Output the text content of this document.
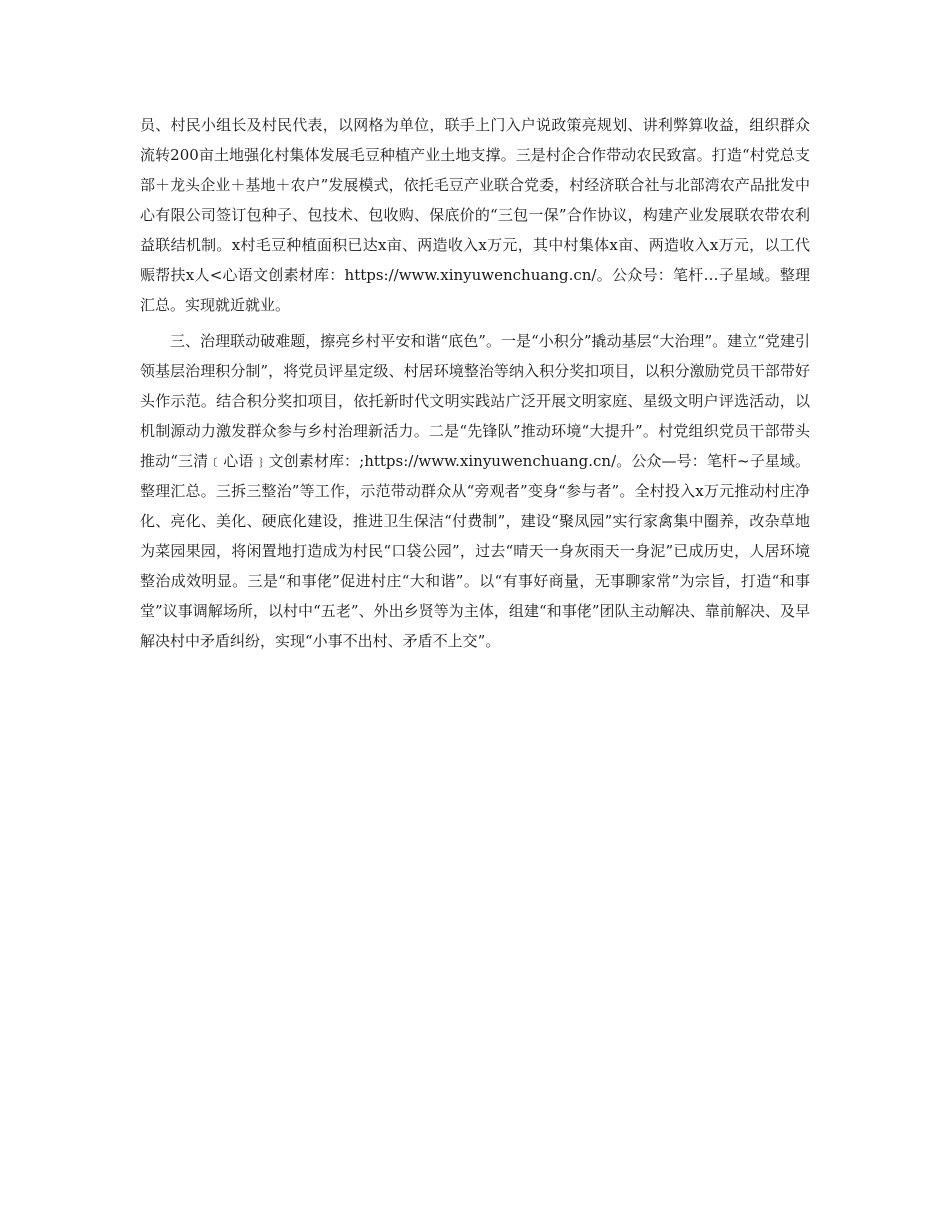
员、村民小组长及村民代表，以网格为单位，联手上门入户说政策亮规划、讲利弊算收益，组织群众流转200亩土地强化村集体发展毛豆种植产业土地支撑。三是村企合作带动农民致富。打造“村党总支部＋龙头企业＋基地＋农户”发展模式，依托毛豆产业联合党委，村经济联合社与北部湾农产品批发中心有限公司签订包种子、包技术、包收购、保底价的“三包一保”合作协议，构建产业发展联农带农利益联结机制。x村毛豆种植面积已达x亩、两造收入x万元，其中村集体x亩、两造收入x万元，以工代赈帮扶x人<心语文创素材库：https://www.xinyuwenchuang.cn/。公众号：笔杆…子星域。整理汇总。实现就近就业。

三、治理联动破难题，擦亮乡村平安和谐“底色”。一是“小积分”撬动基层“大治理”。建立“党建引领基层治理积分制”，将党员评星定级、村居环境整治等纳入积分奖扣项目，以积分激励党员干部带好头作示范。结合积分奖扣项目，依托新时代文明实践站广泛开展文明家庭、星级文明户评选活动，以机制源动力激发群众参与乡村治理新活力。二是“先锋队”推动环境“大提升”。村党组织党员干部带头推动“三清﹝心语﹜文创素材库：;https://www.xinyuwenchuang.cn/。公众—号：笔杆~子星域。整理汇总。三拆三整治”等工作，示范带动群众从“旁观者”变身“参与者”。全村投入x万元推动村庄净化、亮化、美化、硬底化建设，推进卫生保洁“付费制”，建设“聚凤园”实行家禽集中圈养，改杂草地为菜园果园，将闲置地打造成为村民“口袋公园”，过去“晴天一身灰雨天一身泥”已成历史，人居环境整治成效明显。三是“和事佬”促进村庄“大和谐”。以“有事好商量，无事聊家常”为宗旨，打造“和事堂”议事调解场所，以村中“五老”、外出乡贤等为主体，组建“和事佬”团队主动解决、靠前解决、及早解决村中矛盾纠纷，实现“小事不出村、矛盾不上交”。
